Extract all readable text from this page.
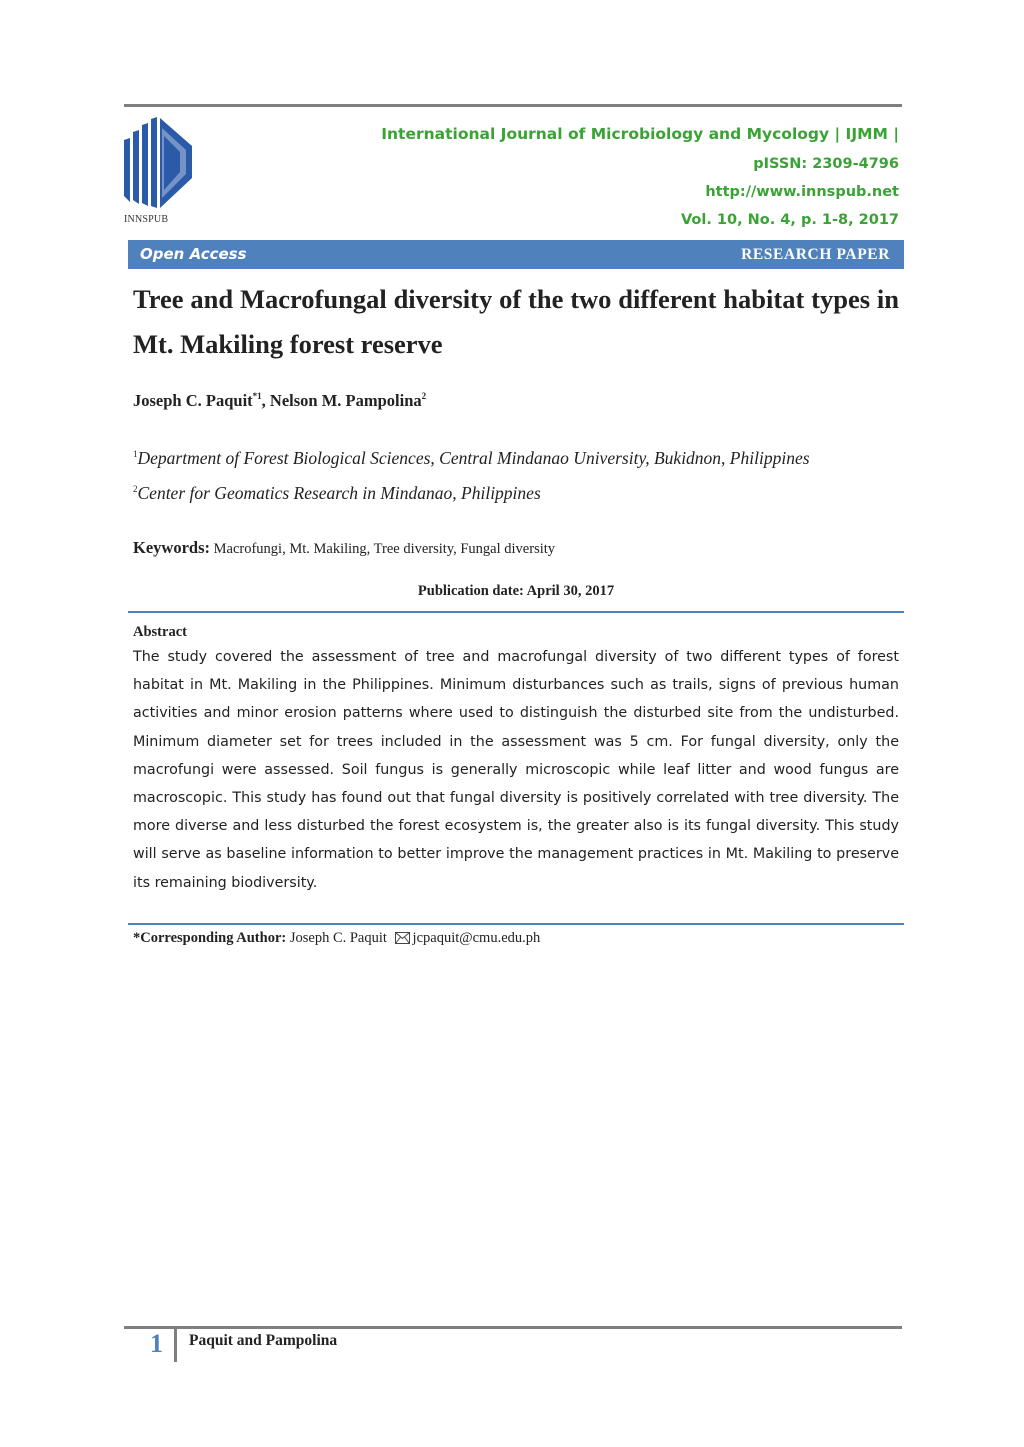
INNSPUB
International Journal of Microbiology and Mycology | IJMM |
pISSN: 2309-4796
http://www.innspub.net
Vol. 10, No. 4, p. 1-8, 2017
Open Access	RESEARCH PAPER
Tree and Macrofungal diversity of the two different habitat types in Mt. Makiling forest reserve
Joseph C. Paquit$^{*1}$, Nelson M. Pampolina$^2$
$^1$Department of Forest Biological Sciences, Central Mindanao University, Bukidnon, Philippines
$^2$Center for Geomatics Research in Mindanao, Philippines
Keywords: Macrofungi, Mt. Makiling, Tree diversity, Fungal diversity
Publication date: April 30, 2017
Abstract
The study covered the assessment of tree and macrofungal diversity of two different types of forest habitat in Mt. Makiling in the Philippines. Minimum disturbances such as trails, signs of previous human activities and minor erosion patterns where used to distinguish the disturbed site from the undisturbed. Minimum diameter set for trees included in the assessment was 5 cm. For fungal diversity, only the macrofungi were assessed. Soil fungus is generally microscopic while leaf litter and wood fungus are macroscopic. This study has found out that fungal diversity is positively correlated with tree diversity. The more diverse and less disturbed the forest ecosystem is, the greater also is its fungal diversity. This study will serve as baseline information to better improve the management practices in Mt. Makiling to preserve its remaining biodiversity.
*Corresponding Author: Joseph C. Paquit jcpaquit@cmu.edu.ph
1 Paquit and Pampolina
